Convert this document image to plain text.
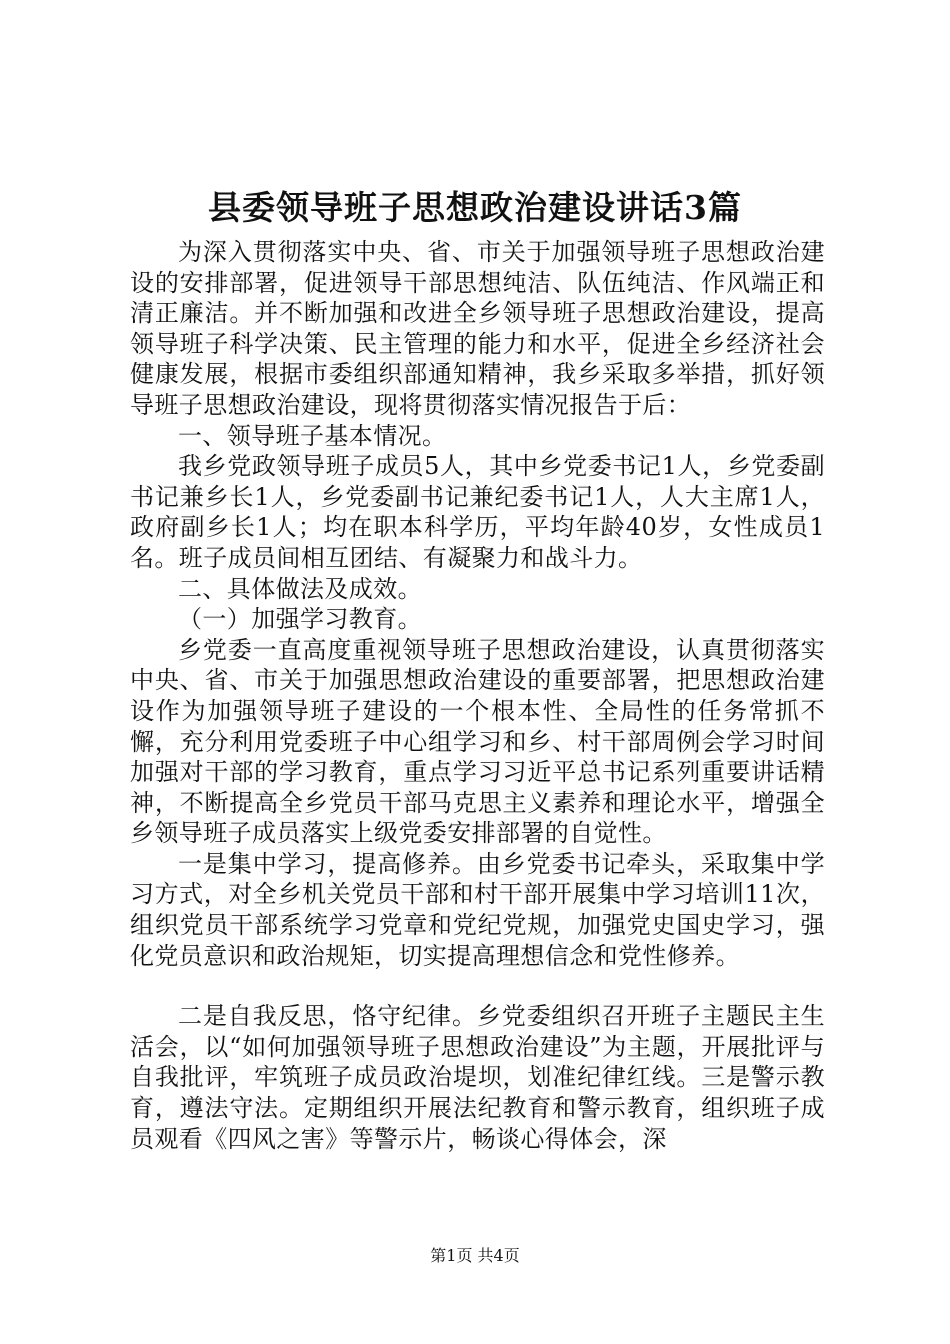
县委领导班子思想政治建设讲话3篇

为深入贯彻落实中央、省、市关于加强领导班子思想政治建设的安排部署，促进领导干部思想纯洁、队伍纯洁、作风端正和清正廉洁。并不断加强和改进全乡领导班子思想政治建设，提高领导班子科学决策、民主管理的能力和水平，促进全乡经济社会健康发展，根据市委组织部通知精神，我乡采取多举措，抓好领导班子思想政治建设，现将贯彻落实情况报告于后：

一、领导班子基本情况。

我乡党政领导班子成员5人，其中乡党委书记1人，乡党委副书记兼乡长1人，乡党委副书记兼纪委书记1人，人大主席1人，政府副乡长1人；均在职本科学历，平均年龄40岁，女性成员1名。班子成员间相互团结、有凝聚力和战斗力。

二、具体做法及成效。

（一）加强学习教育。

乡党委一直高度重视领导班子思想政治建设，认真贯彻落实中央、省、市关于加强思想政治建设的重要部署，把思想政治建设作为加强领导班子建设的一个根本性、全局性的任务常抓不懈，充分利用党委班子中心组学习和乡、村干部周例会学习时间加强对干部的学习教育，重点学习习近平总书记系列重要讲话精神，不断提高全乡党员干部马克思主义素养和理论水平，增强全乡领导班子成员落实上级党委安排部署的自觉性。

一是集中学习，提高修养。由乡党委书记牵头，采取集中学习方式，对全乡机关党员干部和村干部开展集中学习培训11次，组织党员干部系统学习党章和党纪党规，加强党史国史学习，强化党员意识和政治规矩，切实提高理想信念和党性修养。

二是自我反思，恪守纪律。乡党委组织召开班子主题民主生活会，以“如何加强领导班子思想政治建设”为主题，开展批评与自我批评，牢筑班子成员政治堤坝，划准纪律红线。三是警示教育，遵法守法。定期组织开展法纪教育和警示教育，组织班子成员观看《四风之害》等警示片，畅谈心得体会，深

第1页 共4页
